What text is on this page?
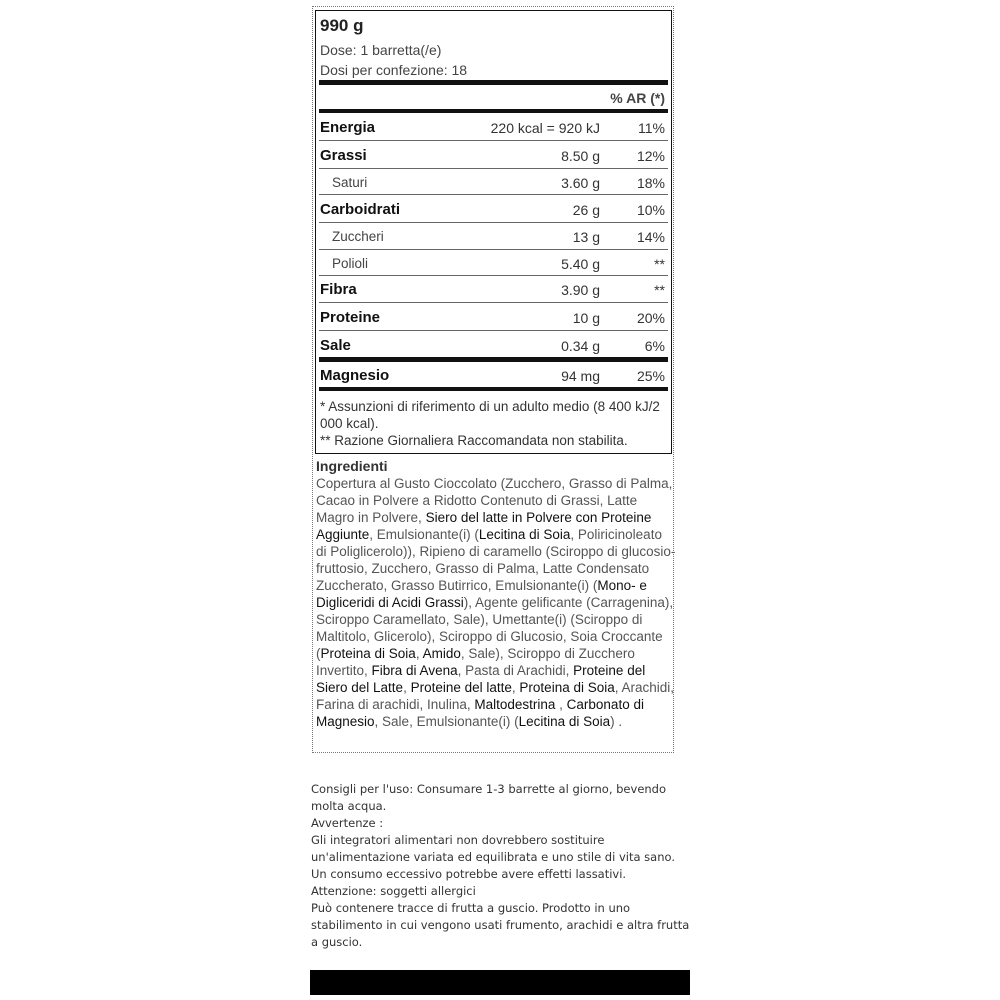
990 g
Dose: 1 barretta(/e)
Dosi per confezione: 18
% AR (*)
Energia	220 kcal = 920 kJ	11%
Grassi	8.50 g	12%
Saturi	3.60 g	18%
Carboidrati	26 g	10%
Zuccheri	13 g	14%
Polioli	5.40 g	**
Fibra	3.90 g	**
Proteine	10 g	20%
Sale	0.34 g	6%
Magnesio	94 mg	25%
* Assunzioni di riferimento di un adulto medio (8 400 kJ/2 000 kcal).
** Razione Giornaliera Raccomandata non stabilita.
Ingredienti
Copertura al Gusto Cioccolato (Zucchero, Grasso di Palma, Cacao in Polvere a Ridotto Contenuto di Grassi, Latte Magro in Polvere, Siero del latte in Polvere con Proteine Aggiunte, Emulsionante(i) (Lecitina di Soia, Poliricinoleato di Poliglicerolo)), Ripieno di caramello (Sciroppo di glucosio-fruttosio, Zucchero, Grasso di Palma, Latte Condensato Zuccherato, Grasso Butirrico, Emulsionante(i) (Mono- e Digliceridi di Acidi Grassi), Agente gelificante (Carragenina), Sciroppo Caramellato, Sale), Umettante(i) (Sciroppo di Maltitolo, Glicerolo), Sciroppo di Glucosio, Soia Croccante (Proteina di Soia, Amido, Sale), Sciroppo di Zucchero Invertito, Fibra di Avena, Pasta di Arachidi, Proteine del Siero del Latte, Proteine del latte, Proteina di Soia, Arachidi, Farina di arachidi, Inulina, Maltodestrina , Carbonato di Magnesio, Sale, Emulsionante(i) (Lecitina di Soia) .
Consigli per l'uso: Consumare 1-3 barrette al giorno, bevendo molta acqua.
Avvertenze :
Gli integratori alimentari non dovrebbero sostituire un'alimentazione variata ed equilibrata e uno stile di vita sano. Un consumo eccessivo potrebbe avere effetti lassativi.
Attenzione: soggetti allergici
Può contenere tracce di frutta a guscio. Prodotto in uno stabilimento in cui vengono usati frumento, arachidi e altra frutta a guscio.
